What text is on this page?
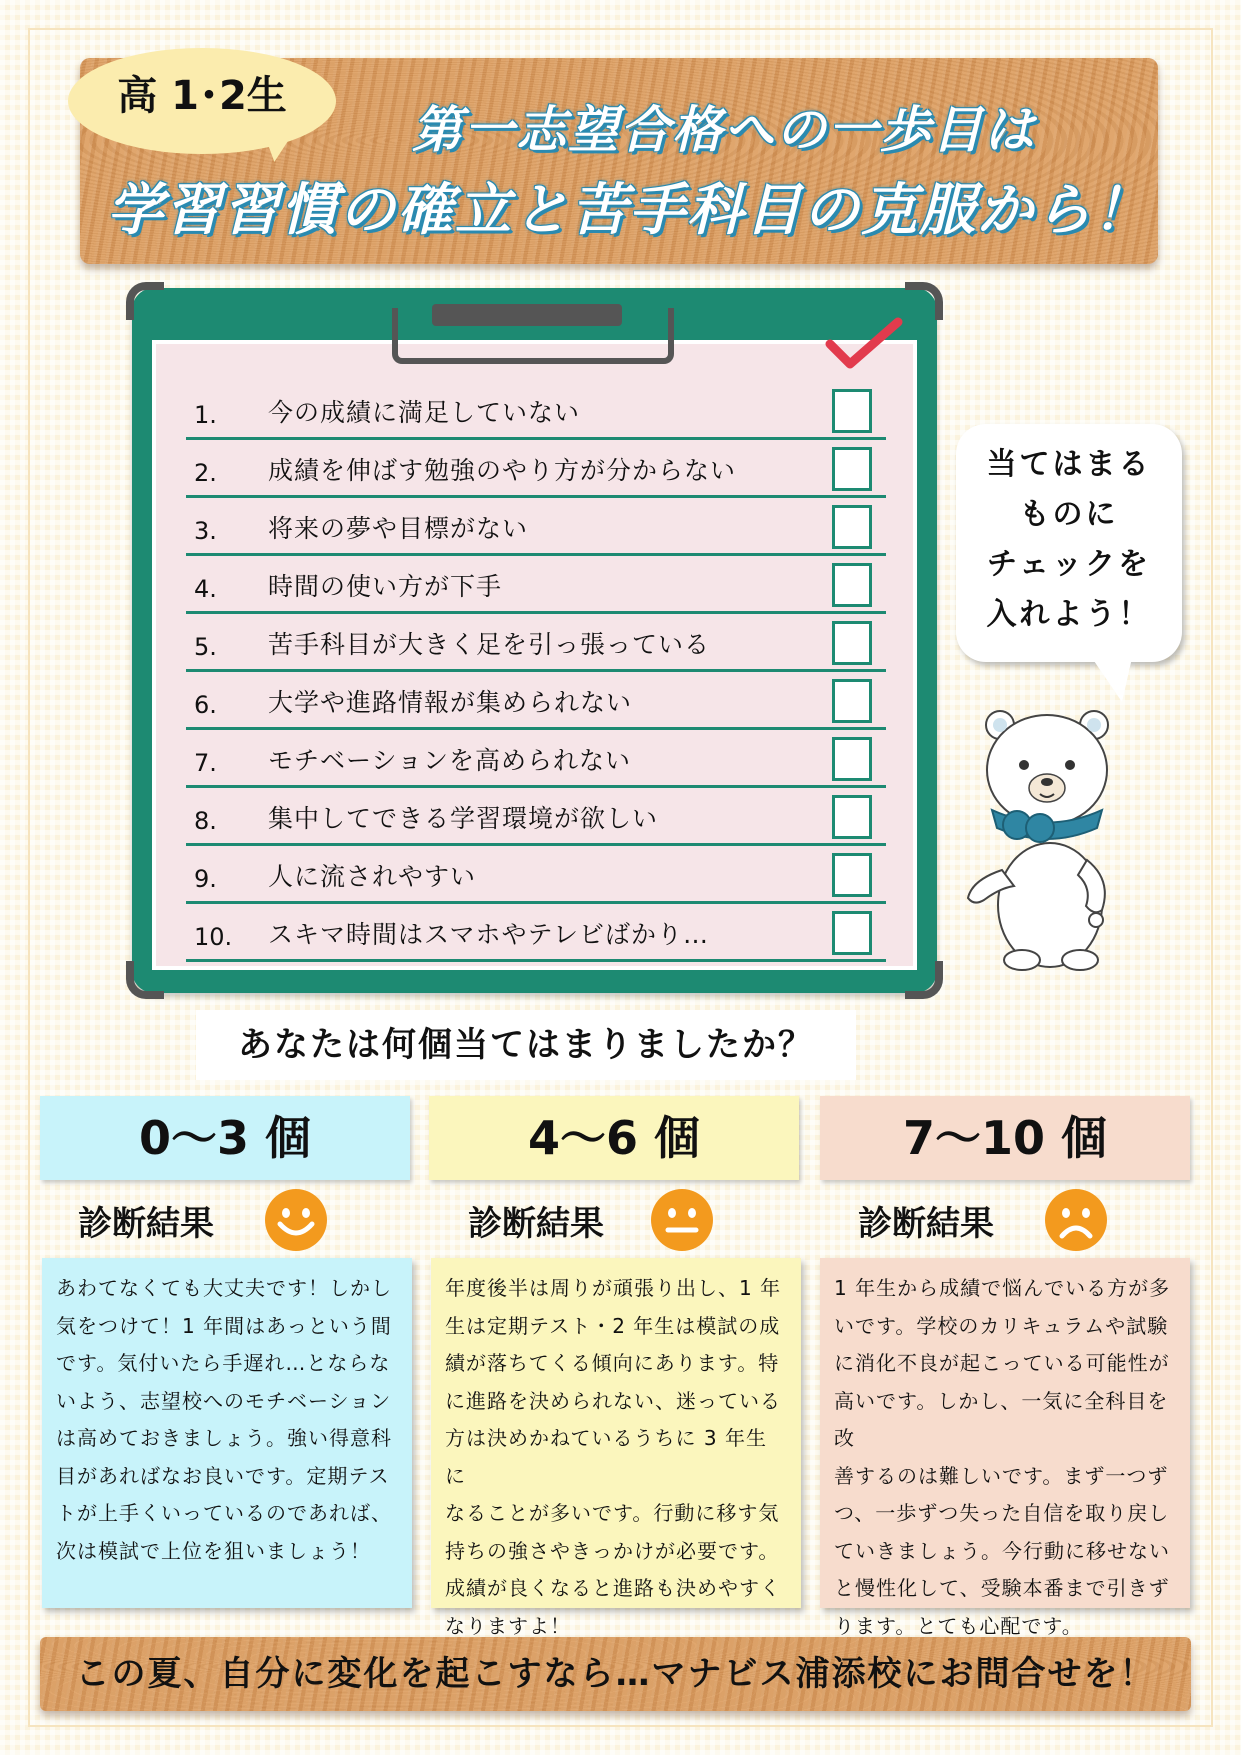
第一志望合格への一歩目は
学習習慣の確立と苦手科目の克服から！
高 1･2生
1. 今の成績に満足していない
2. 成績を伸ばす勉強のやり方が分からない
3. 将来の夢や目標がない
4. 時間の使い方が下手
5. 苦手科目が大きく足を引っ張っている
6. 大学や進路情報が集められない
7. モチベーションを高められない
8. 集中してできる学習環境が欲しい
9. 人に流されやすい
10. スキマ時間はスマホやテレビばかり…
当てはまる
ものに
チェックを
入れよう！
あなたは何個当てはまりましたか？
0〜3 個	4〜6 個	7〜10 個
診断結果	診断結果	診断結果
あわてなくても大丈夫です！しかし
気をつけて！1 年間はあっという間
です。気付いたら手遅れ…とならな
いよう、志望校へのモチベーション
は高めておきましょう。強い得意科
目があればなお良いです。定期テス
トが上手くいっているのであれば、
次は模試で上位を狙いましょう！
年度後半は周りが頑張り出し、1 年
生は定期テスト・2 年生は模試の成
績が落ちてくる傾向にあります。特
に進路を決められない、迷っている
方は決めかねているうちに 3 年生に
なることが多いです。行動に移す気
持ちの強さやきっかけが必要です。
成績が良くなると進路も決めやすく
なりますよ！
1 年生から成績で悩んでいる方が多
いです。学校のカリキュラムや試験
に消化不良が起こっている可能性が
高いです。しかし、一気に全科目を改
善するのは難しいです。まず一つず
つ、一歩ずつ失った自信を取り戻し
ていきましょう。今行動に移せない
と慢性化して、受験本番まで引きず
ります。とても心配です。
この夏、自分に変化を起こすなら…マナビス浦添校にお問合せを！
